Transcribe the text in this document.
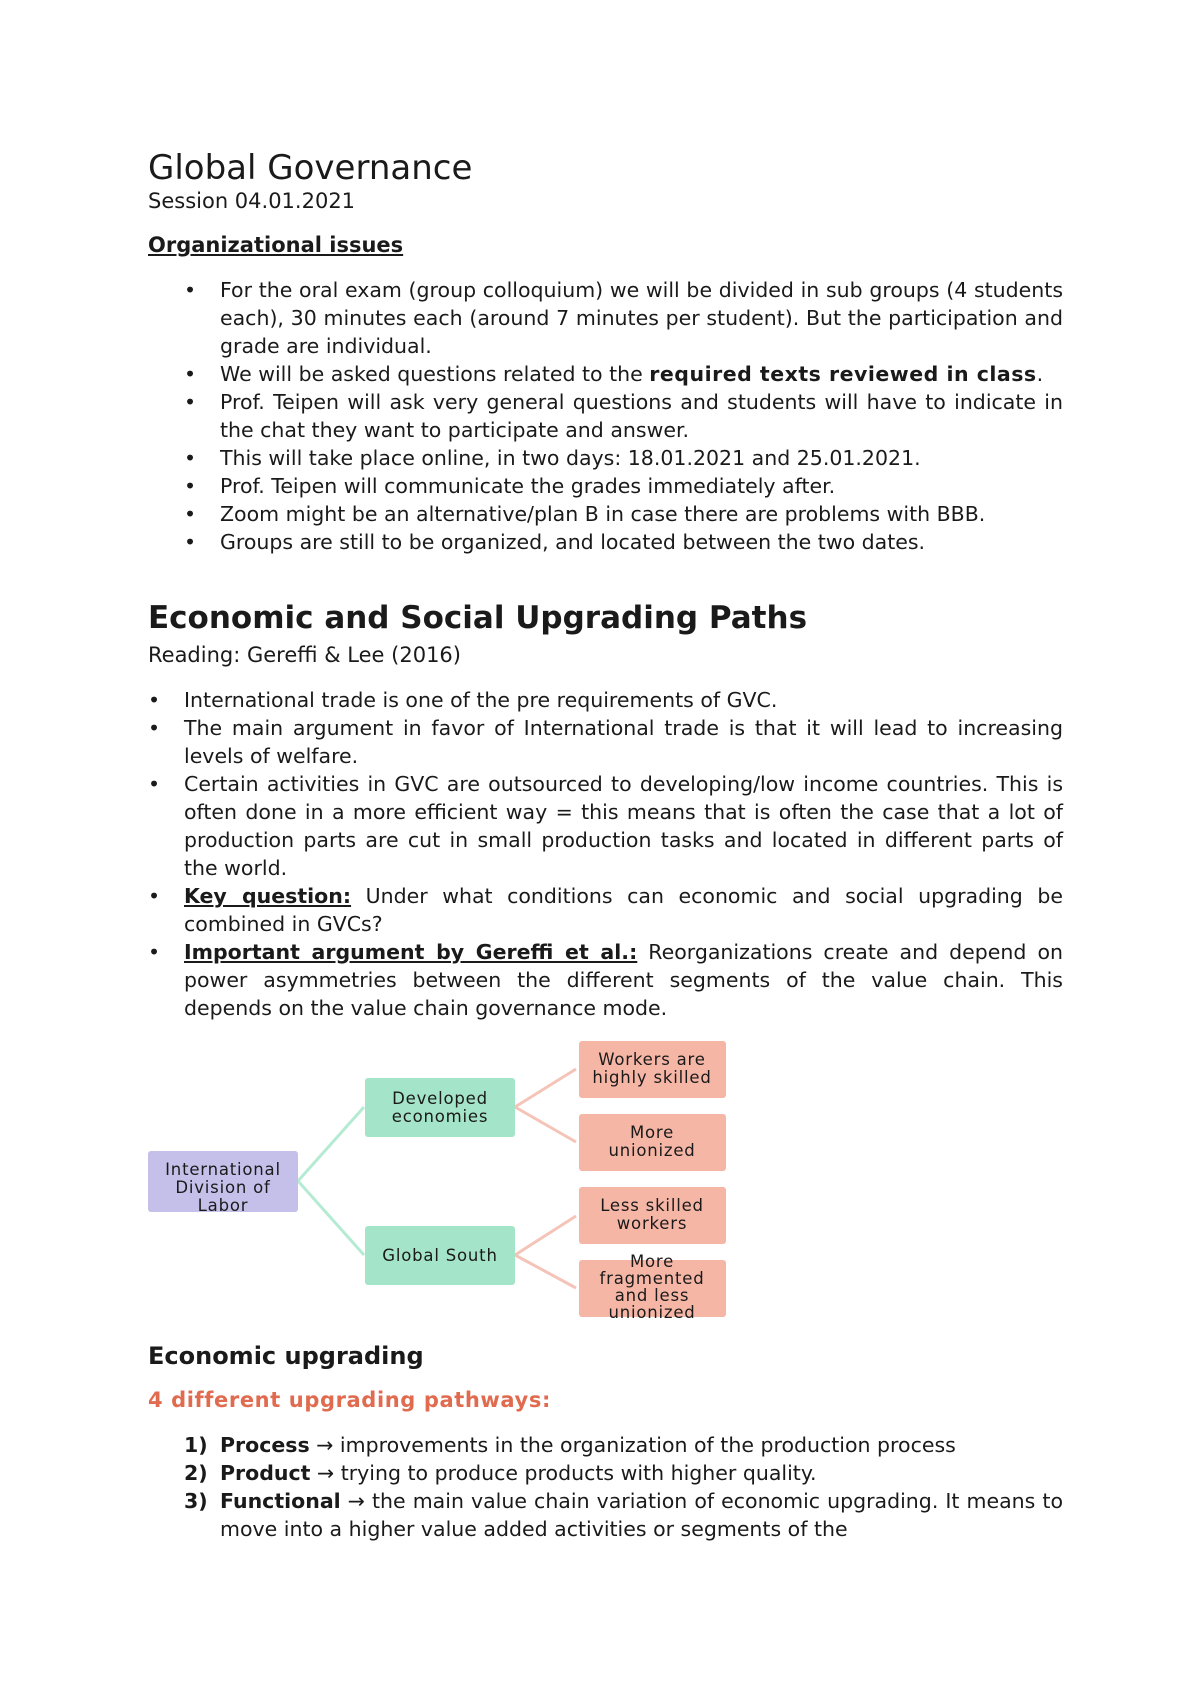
Global Governance
Session 04.01.2021
Organizational issues
• For the oral exam (group colloquium) we will be divided in sub groups (4 students each), 30 minutes each (around 7 minutes per student). But the participation and grade are individual.
• We will be asked questions related to the required texts reviewed in class.
• Prof. Teipen will ask very general questions and students will have to indicate in the chat they want to participate and answer.
• This will take place online, in two days: 18.01.2021 and 25.01.2021.
• Prof. Teipen will communicate the grades immediately after.
• Zoom might be an alternative/plan B in case there are problems with BBB.
• Groups are still to be organized, and located between the two dates.
Economic and Social Upgrading Paths
Reading: Gereffi & Lee (2016)
• International trade is one of the pre requirements of GVC.
• The main argument in favor of International trade is that it will lead to increasing levels of welfare.
• Certain activities in GVC are outsourced to developing/low income countries. This is often done in a more efficient way = this means that is often the case that a lot of production parts are cut in small production tasks and located in different parts of the world.
• Key question: Under what conditions can economic and social upgrading be combined in GVCs?
• Important argument by Gereffi et al.: Reorganizations create and depend on power asymmetries between the different segments of the value chain. This depends on the value chain governance mode.
Economic upgrading
4 different upgrading pathways:
1) Process → improvements in the organization of the production process
2) Product → trying to produce products with higher quality.
3) Functional → the main value chain variation of economic upgrading. It means to move into a higher value added activities or segments of the
International
Division of
Labor
Developed
economies
Global South
Workers are
highly skilled
More
unionized
Less skilled
workers
More
fragmented
and less
unionized
